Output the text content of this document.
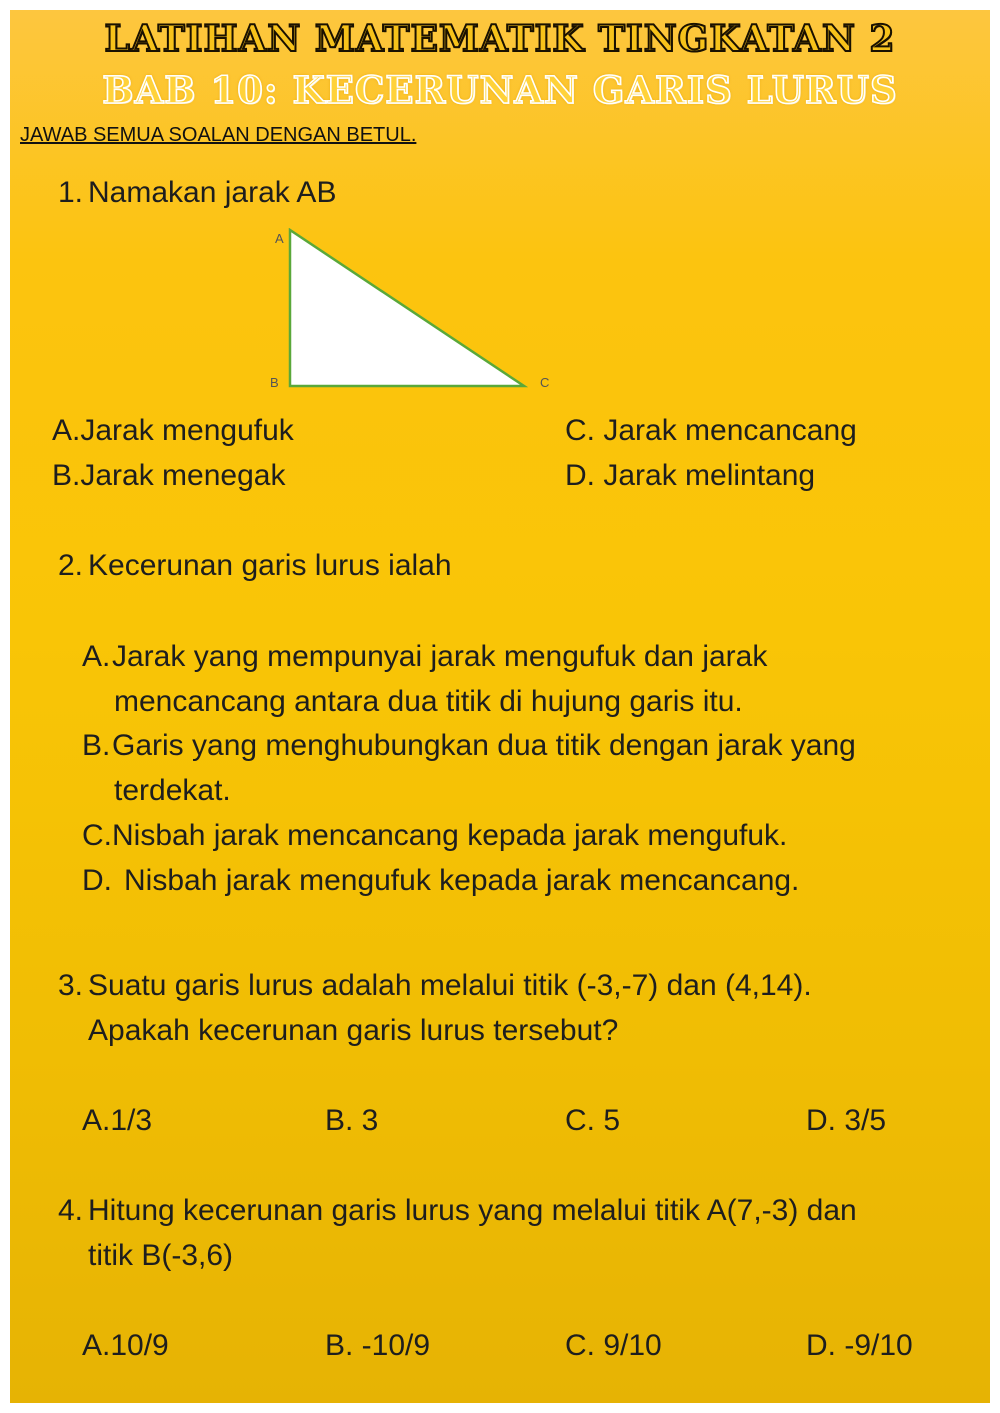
LATIHAN MATEMATIK TINGKATAN 2
BAB 10: KECERUNAN GARIS LURUS
JAWAB SEMUA SOALAN DENGAN BETUL.
1. Namakan jarak AB
A
B	C
A.Jarak mengufuk
B.Jarak menegak
C. Jarak mencancang
D. Jarak melintang
2. Kecerunan garis lurus ialah
A.Jarak yang mempunyai jarak mengufuk dan jarak
mencancang antara dua titik di hujung garis itu.
B.Garis yang menghubungkan dua titik dengan jarak yang
terdekat.
C.Nisbah jarak mencancang kepada jarak mengufuk.
D. Nisbah jarak mengufuk kepada jarak mencancang.
3. Suatu garis lurus adalah melalui titik (-3,-7) dan (4,14).
Apakah kecerunan garis lurus tersebut?
A.1/3	B. 3	C. 5	D. 3/5
4. Hitung kecerunan garis lurus yang melalui titik A(7,-3) dan
titik B(-3,6)
A.10/9	B. -10/9	C. 9/10	D. -9/10
